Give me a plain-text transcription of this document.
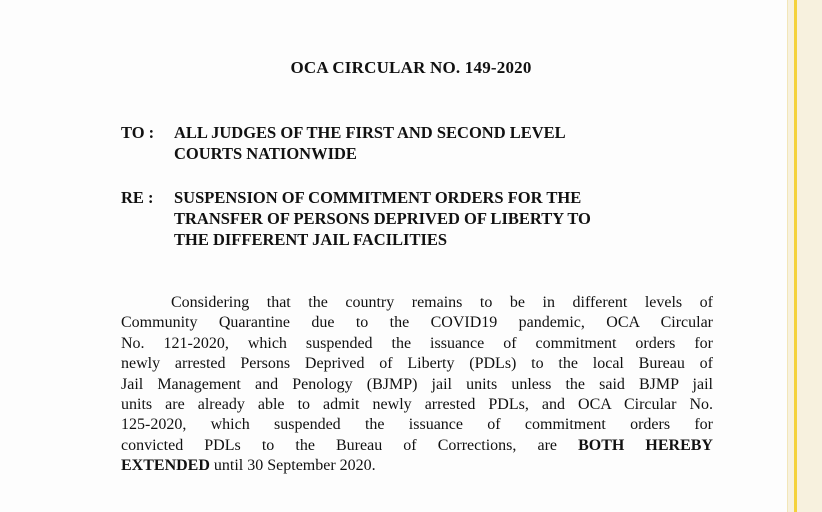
OCA CIRCULAR NO. 149-2020
TO :	ALL JUDGES OF THE FIRST AND SECOND LEVEL
COURTS NATIONWIDE
RE :	SUSPENSION OF COMMITMENT ORDERS FOR THE
TRANSFER OF PERSONS DEPRIVED OF LIBERTY TO
THE DIFFERENT JAIL FACILITIES
Considering that the country remains to be in different levels of
Community Quarantine due to the COVID19 pandemic, OCA Circular
No. 121-2020, which suspended the issuance of commitment orders for
newly arrested Persons Deprived of Liberty (PDLs) to the local Bureau of
Jail Management and Penology (BJMP) jail units unless the said BJMP jail
units are already able to admit newly arrested PDLs, and OCA Circular No.
125-2020, which suspended the issuance of commitment orders for
convicted PDLs to the Bureau of Corrections, are BOTH HEREBY
EXTENDED until 30 September 2020.
